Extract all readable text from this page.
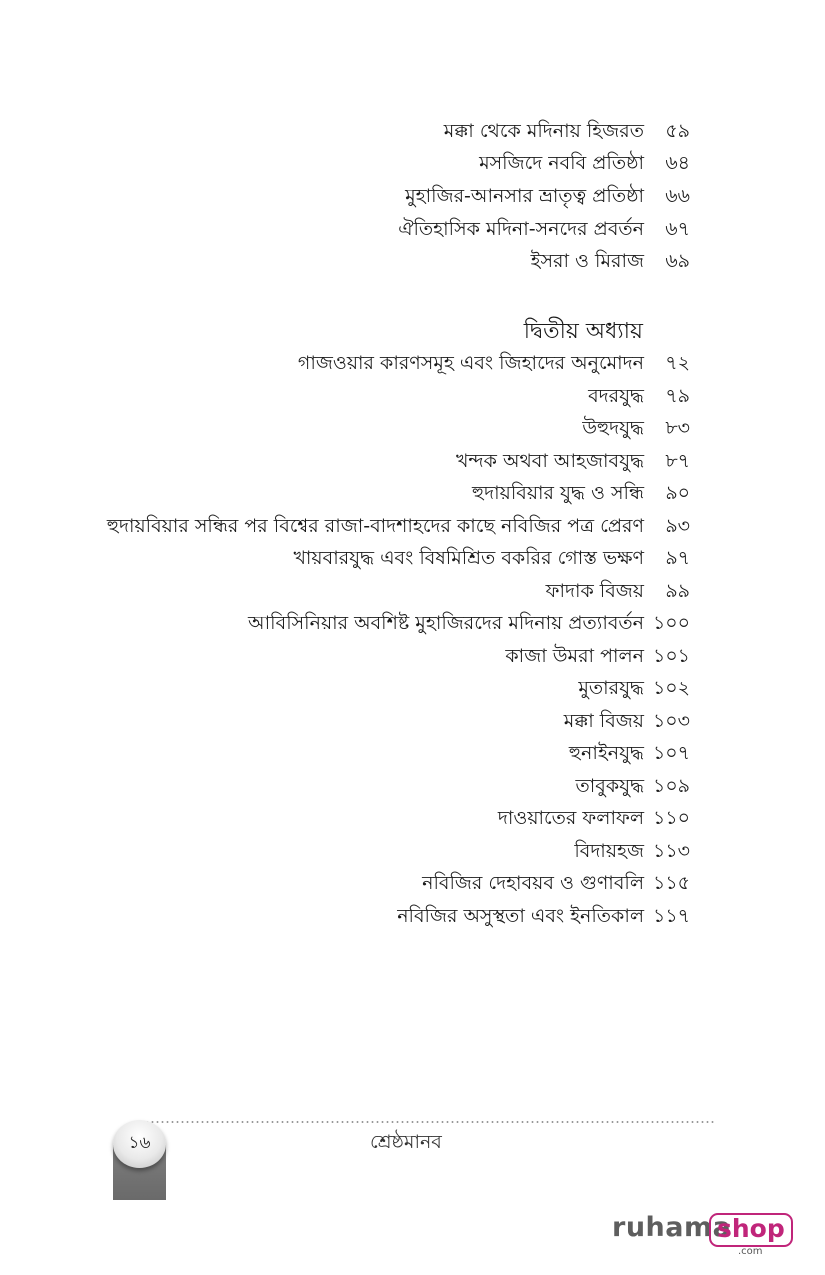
মক্কা থেকে মদিনায় হিজরত	৫৯
মসজিদে নববি প্রতিষ্ঠা	৬৪
মুহাজির-আনসার ভ্রাতৃত্ব প্রতিষ্ঠা	৬৬
ঐতিহাসিক মদিনা-সনদের প্রবর্তন	৬৭
ইসরা ও মিরাজ	৬৯
দ্বিতীয় অধ্যায়
গাজওয়ার কারণসমূহ এবং জিহাদের অনুমোদন	৭২
বদরযুদ্ধ	৭৯
উহুদযুদ্ধ	৮৩
খন্দক অথবা আহজাবযুদ্ধ	৮৭
হুদায়বিয়ার যুদ্ধ ও সন্ধি	৯০
হুদায়বিয়ার সন্ধির পর বিশ্বের রাজা-বাদশাহদের কাছে নবিজির পত্র প্রেরণ	৯৩
খায়বারযুদ্ধ এবং বিষমিশ্রিত বকরির গোস্ত ভক্ষণ	৯৭
ফাদাক বিজয়	৯৯
আবিসিনিয়ার অবশিষ্ট মুহাজিরদের মদিনায় প্রত্যাবর্তন ১০০
কাজা উমরা পালন ১০১
মুতারযুদ্ধ ১০২
মক্কা বিজয় ১০৩
হুনাইনযুদ্ধ ১০৭
তাবুকযুদ্ধ ১০৯
দাওয়াতের ফলাফল ১১০
বিদায়হজ ১১৩
নবিজির দেহাবয়ব ও গুণাবলি ১১৫
নবিজির অসুস্থতা এবং ইনতিকাল ১১৭
১৬	শ্রেষ্ঠমানব
ruhama
shop
.com
